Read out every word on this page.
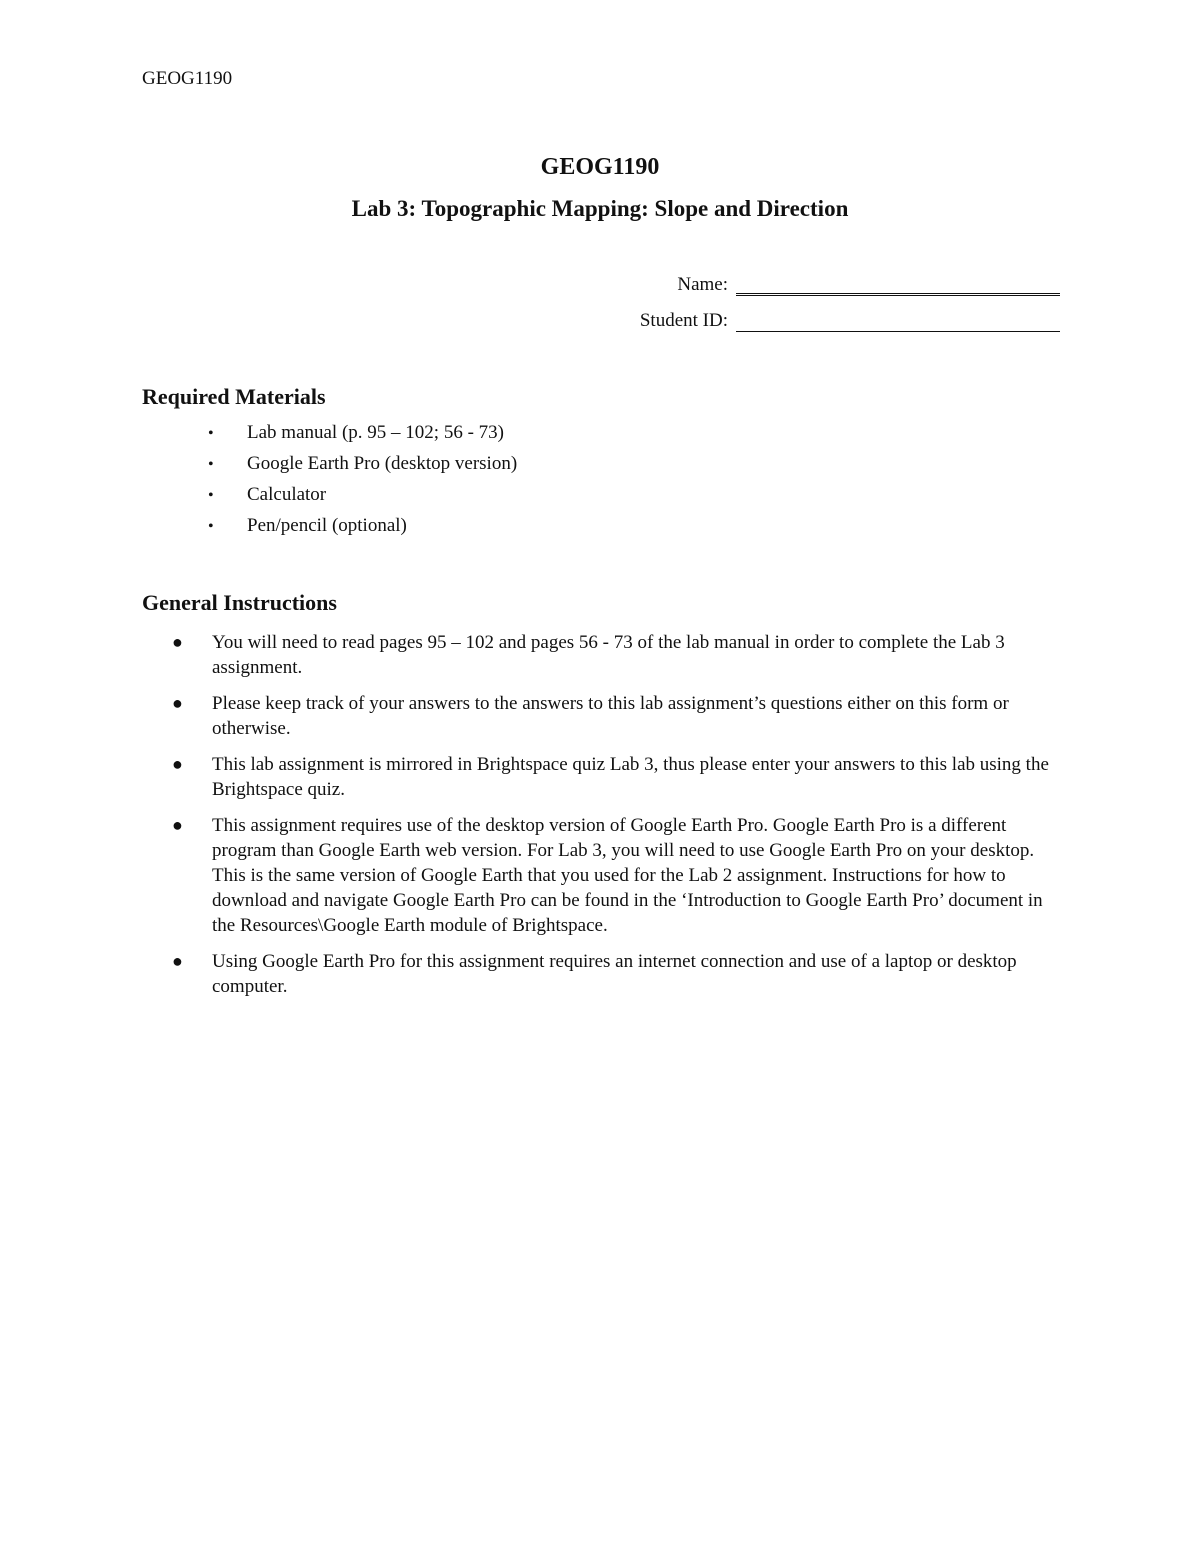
GEOG1190
GEOG1190
Lab 3: Topographic Mapping: Slope and Direction
Name:
Student ID:
Required Materials
•	Lab manual (p. 95 – 102; 56 - 73)
•	Google Earth Pro (desktop version)
•	Calculator
•	Pen/pencil (optional)
General Instructions
●	You will need to read pages 95 – 102 and pages 56 - 73 of the lab manual in order to complete the Lab 3 assignment.
●	Please keep track of your answers to the answers to this lab assignment’s questions either on this form or otherwise.
●	This lab assignment is mirrored in Brightspace quiz Lab 3, thus please enter your answers to this lab using the Brightspace quiz.
●	This assignment requires use of the desktop version of Google Earth Pro. Google Earth Pro is a different program than Google Earth web version. For Lab 3, you will need to use Google Earth Pro on your desktop. This is the same version of Google Earth that you used for the Lab 2 assignment. Instructions for how to download and navigate Google Earth Pro can be found in the ‘Introduction to Google Earth Pro’ document in the Resources\Google Earth module of Brightspace.
●	Using Google Earth Pro for this assignment requires an internet connection and use of a laptop or desktop computer.
